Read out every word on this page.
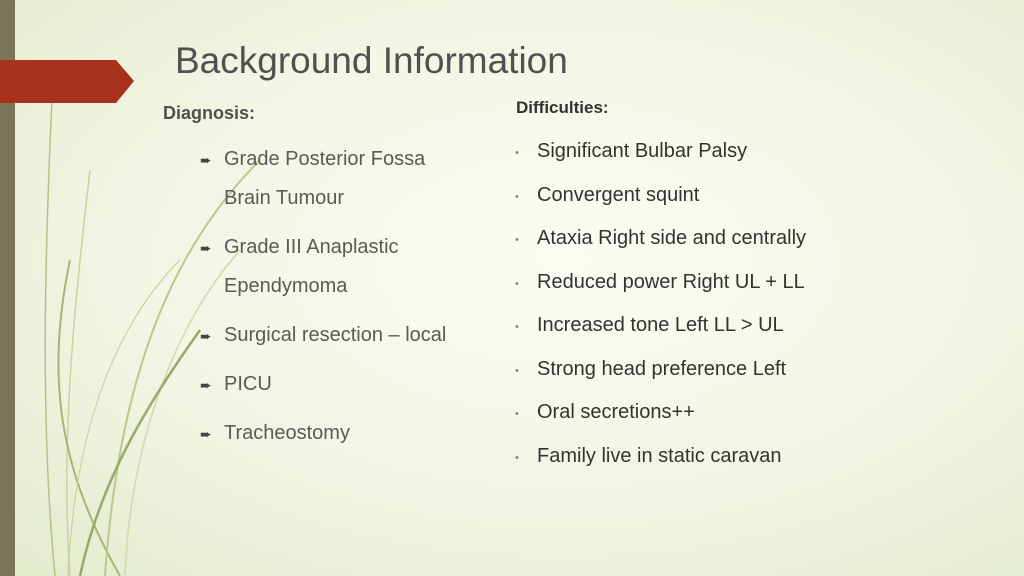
Background Information
Diagnosis:	Difficulties:
➨ Grade Posterior Fossa Brain Tumour
➨ Grade III Anaplastic Ependymoma
➨ Surgical resection – local
➨ PICU
➨ Tracheostomy
• Significant Bulbar Palsy
• Convergent squint
• Ataxia Right side and centrally
• Reduced power Right UL + LL
• Increased tone Left LL > UL
• Strong head preference Left
• Oral secretions++
• Family live in static caravan
